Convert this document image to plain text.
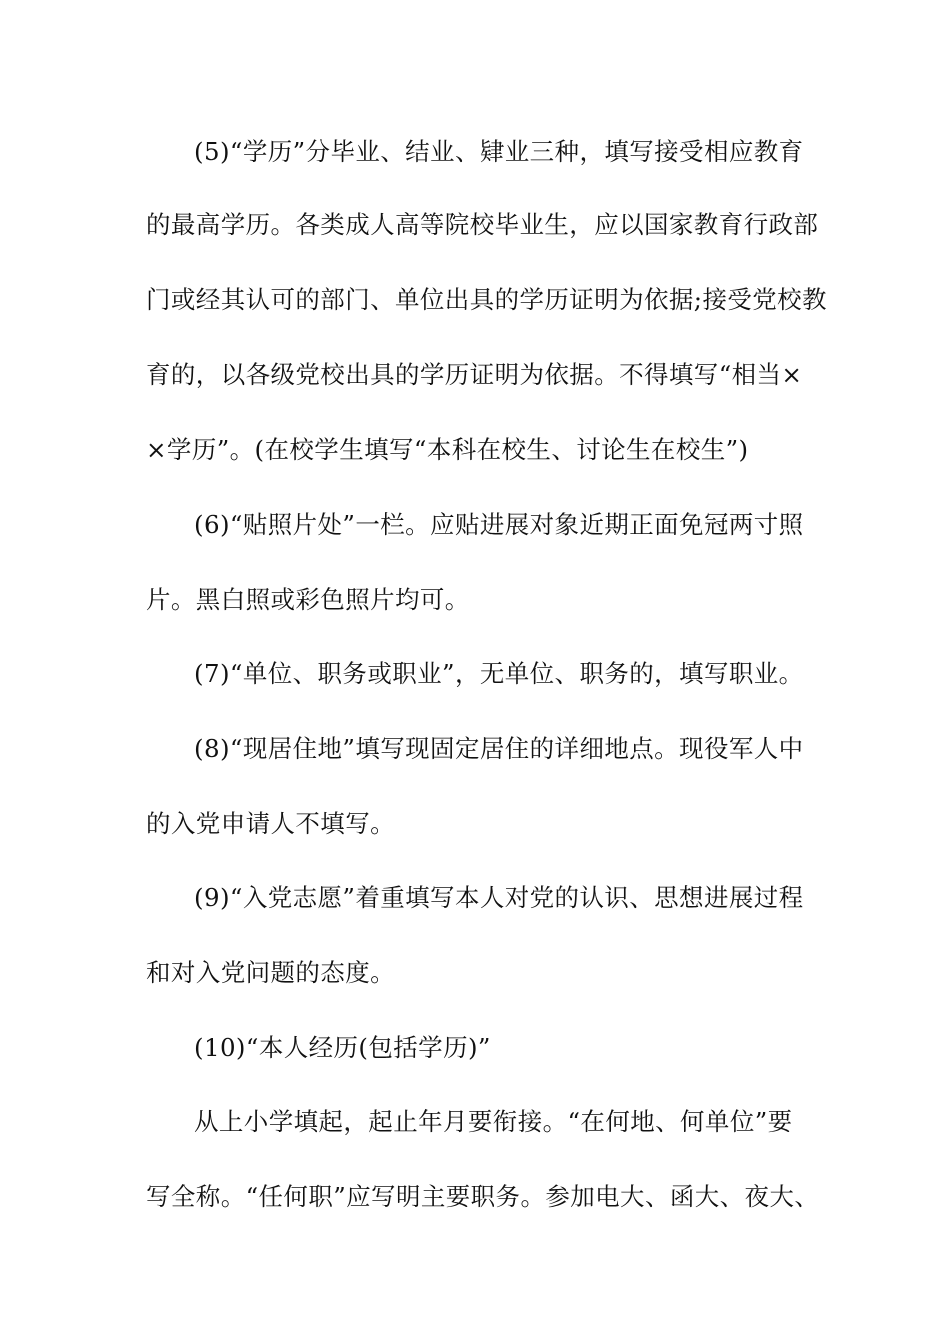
(5)“学历”分毕业、结业、肄业三种，填写接受相应教育
的最高学历。各类成人高等院校毕业生，应以国家教育行政部
门或经其认可的部门、单位出具的学历证明为依据;接受党校教
育的，以各级党校出具的学历证明为依据。不得填写“相当×
×学历”。(在校学生填写“本科在校生、讨论生在校生”)
(6)“贴照片处”一栏。应贴进展对象近期正面免冠两寸照
片。黑白照或彩色照片均可。
(7)“单位、职务或职业”，无单位、职务的，填写职业。
(8)“现居住地”填写现固定居住的详细地点。现役军人中
的入党申请人不填写。
(9)“入党志愿”着重填写本人对党的认识、思想进展过程
和对入党问题的态度。
(10)“本人经历(包括学历)”
从上小学填起，起止年月要衔接。“在何地、何单位”要
写全称。“任何职”应写明主要职务。参加电大、函大、夜大、
